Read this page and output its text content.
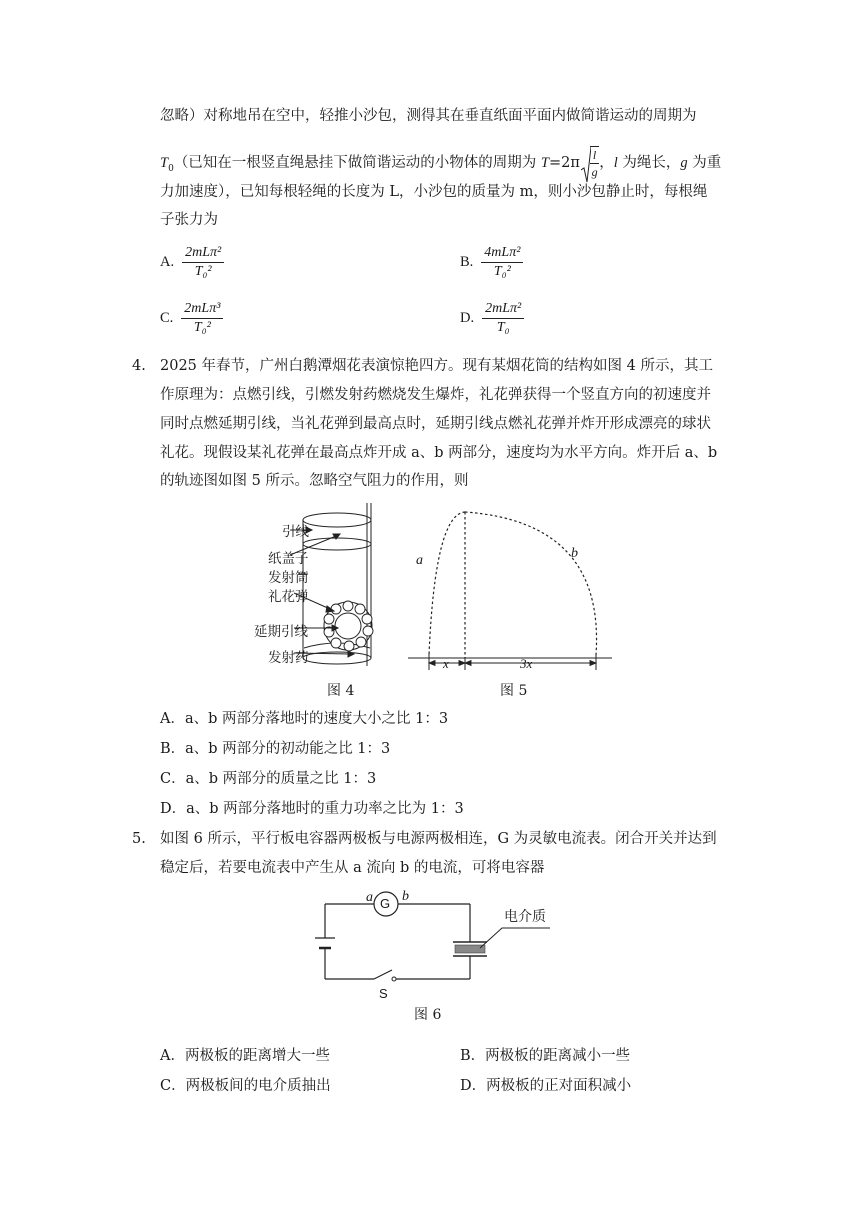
忽略）对称地吊在空中，轻推小沙包，测得其在垂直纸面平面内做简谐运动的周期为
$T_0$（已知在一根竖直绳悬挂下做简谐运动的小物体的周期为 $T=2\pi \frac{l}{g}$ ，l 为绳长，g 为重
力加速度），已知每根轻绳的长度为 L，小沙包的质量为 m，则小沙包静止时，每根绳
子张力为
A. $\frac{\text{2mLπ²}}{\text{T₀²}}$	B. $\frac{\text{4mLπ²}}{\text{T₀²}}$
C. $\frac{\text{2mLπ³}}{\text{T₀²}}$	D. $\frac{\text{2mLπ²}}{\text{T₀}}$
4. 2025 年春节，广州白鹅潭烟花表演惊艳四方。现有某烟花筒的结构如图 4 所示，其工
作原理为：点燃引线，引燃发射药燃烧发生爆炸，礼花弹获得一个竖直方向的初速度并
同时点燃延期引线，当礼花弹到最高点时，延期引线点燃礼花弹并炸开形成漂亮的球状
礼花。现假设某礼花弹在最高点炸开成 a、b 两部分，速度均为水平方向。炸开后 a、b
的轨迹图如图 5 所示。忽略空气阻力的作用，则
引线
纸盖子
发射筒
礼花弹
延期引线
发射药
图 4
a	b
x	3x
图 5
A．a、b 两部分落地时的速度大小之比 1：3
B．a、b 两部分的初动能之比 1：3
C．a、b 两部分的质量之比 1：3
D．a、b 两部分落地时的重力功率之比为 1：3
5. 如图 6 所示，平行板电容器两极板与电源两极相连，G 为灵敏电流表。闭合开关并达到
稳定后，若要电流表中产生从 a 流向 b 的电流，可将电容器
a G b
电介质
S
图 6
A．两极板的距离增大一些	B．两极板的距离减小一些
C．两极板间的电介质抽出	D．两极板的正对面积减小
